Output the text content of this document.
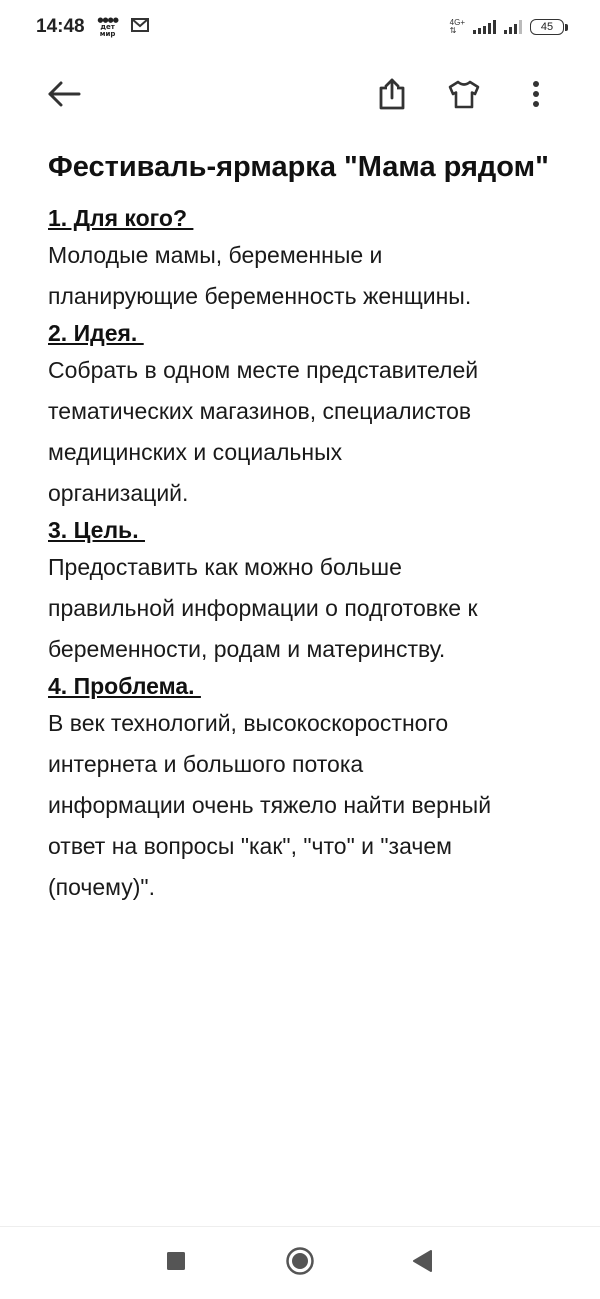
14:48 ●●●●
дет мир
4G+
⇅	45
Фестиваль-ярмарка "Мама рядом"

1. Для кого?

Молодые мамы, беременные и
планирующие беременность женщины.

2. Идея.

Собрать в одном месте представителей
тематических магазинов, специалистов
медицинских и социальных
организаций.

3. Цель.

Предоставить как можно больше
правильной информации о подготовке к
беременности, родам и материнству.

4. Проблема.

В век технологий, высокоскоростного
интернета и большого потока
информации очень тяжело найти верный
ответ на вопросы "как", "что" и "зачем
(почему)".
